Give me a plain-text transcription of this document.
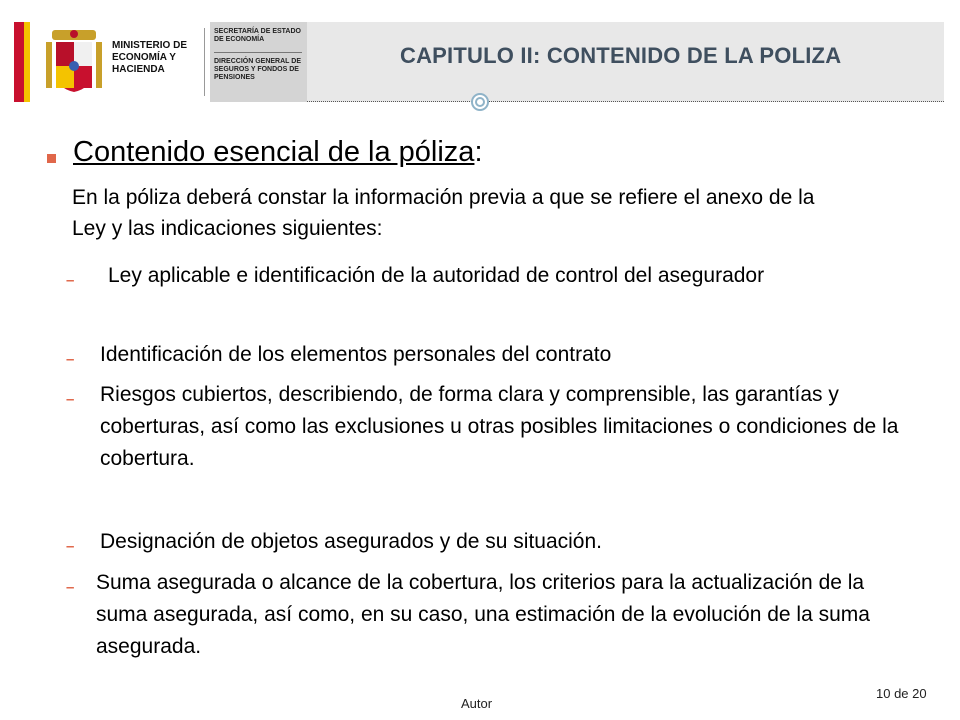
MINISTERIO DE ECONOMÍA Y HACIENDA
SECRETARÍA DE ESTADO DE ECONOMÍA
DIRECCIÓN GENERAL DE SEGUROS Y FONDOS DE PENSIONES
CAPITULO II: CONTENIDO DE LA POLIZA
Contenido esencial de la póliza:
En la póliza deberá constar la información previa a que se refiere el anexo de la Ley y las indicaciones siguientes:
– Ley aplicable e identificación de la autoridad de control del asegurador
– Identificación de los elementos personales del contrato
– Riesgos cubiertos, describiendo, de forma clara y comprensible, las garantías y coberturas, así como las exclusiones u otras posibles limitaciones o condiciones de la cobertura.
– Designación de objetos asegurados y de su situación.
– Suma asegurada o alcance de la cobertura, los criterios para la actualización de la suma asegurada, así como, en su caso, una estimación de la evolución de la suma asegurada.
Autor
10 de 20
